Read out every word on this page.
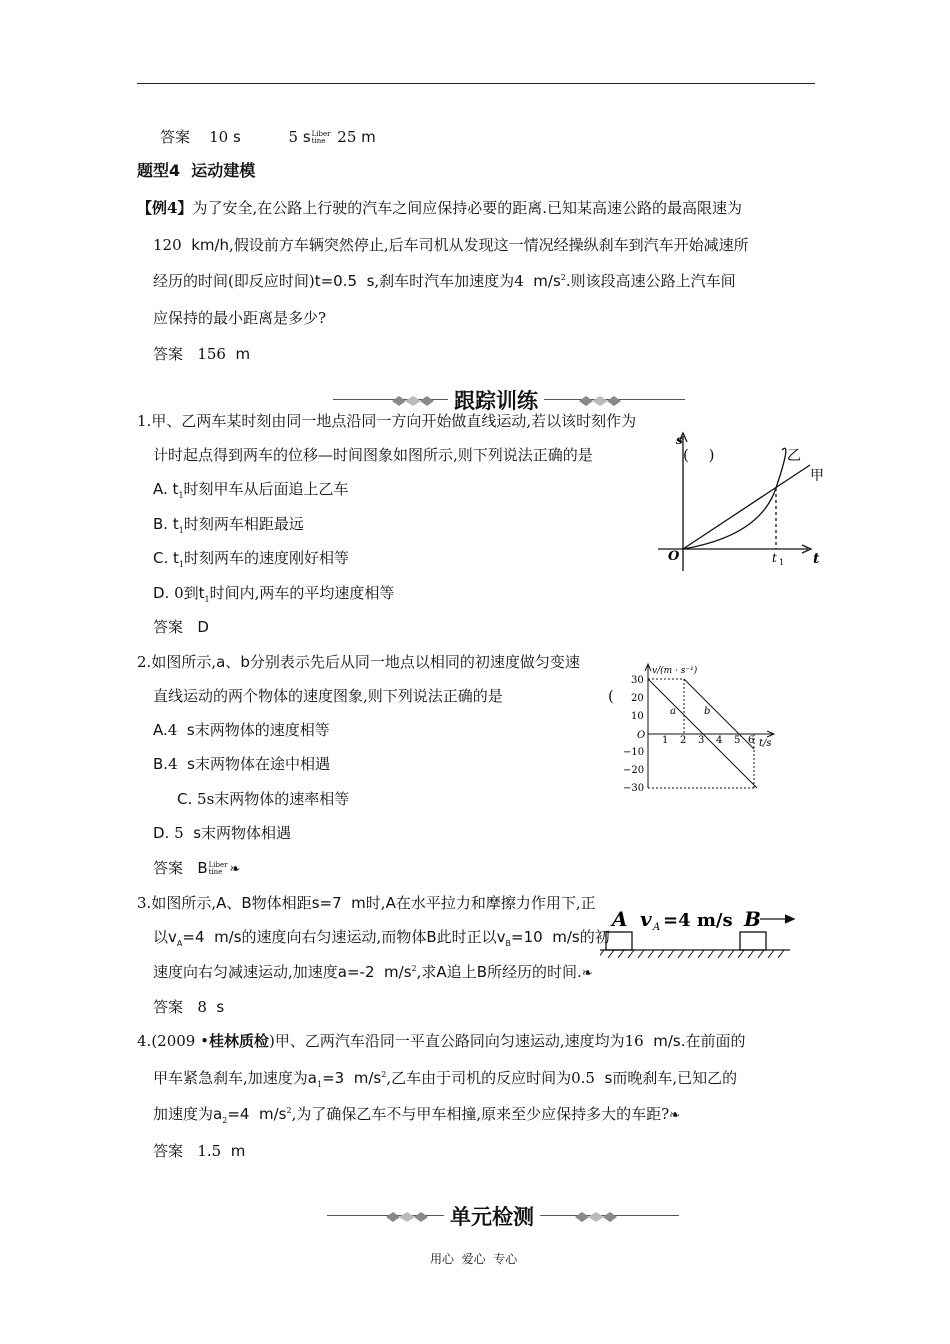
答案 10 s	5 sLiber
tine 25 m
题型4 运动建模
【例4】为了安全,在公路上行驶的汽车之间应保持必要的距离.已知某高速公路的最高限速为
120 km/h,假设前方车辆突然停止,后车司机从发现这一情况经操纵刹车到汽车开始减速所
经历的时间(即反应时间)t=0.5 s,刹车时汽车加速度为4 $m/s^2$.则该段高速公路上汽车间
应保持的最小距离是多少?
答案 156 m
跟踪训练
1.甲、乙两车某时刻由同一地点沿同一方向开始做直线运动,若以该时刻作为
计时起点得到两车的位移—时间图象如图所示,则下列说法正确的是	(　 )
A. $t_1$时刻甲车从后面追上乙车
B. $t_1$时刻两车相距最远
C. $t_1$时刻两车的速度刚好相等
D. 0到$t_1$时间内,两车的平均速度相等
答案 D
s
t
O	t 1
乙
甲
2.如图所示,a、b分别表示先后从同一地点以相同的初速度做匀变速
直线运动的两个物体的速度图象,则下列说法正确的是	(
A.4 s末两物体的速度相等
B.4 s末两物体在途中相遇
C. 5s末两物体的速率相等
D. 5 s末两物体相遇
答案 BLiber
tine ❧
v/(m · s⁻¹)
t/s
O
30
20
10
−10
−20
−30
1 2 3 4 5 6
a	b
3.如图所示,A、B物体相距s=7 m时,A在水平拉力和摩擦力作用下,正
以$v_A=4$ m/s的速度向右匀速运动,而物体B此时正以$v_B=10$ m/s的初
速度向右匀减速运动,加速度a=-2 $m/s^2$,求A追上B所经历的时间.❧
答案 8 s
A v A =4 m/s B
4.(2009 •桂林质检)甲、乙两汽车沿同一平直公路同向匀速运动,速度均为16 m/s.在前面的
甲车紧急刹车,加速度为$a_1=3$ $m/s^2$,乙车由于司机的反应时间为0.5 s而晚刹车,已知乙的
加速度为$a_2=4$ $m/s^2$,为了确保乙车不与甲车相撞,原来至少应保持多大的车距?❧
答案 1.5 m
单元检测
用心  爱心  专心
